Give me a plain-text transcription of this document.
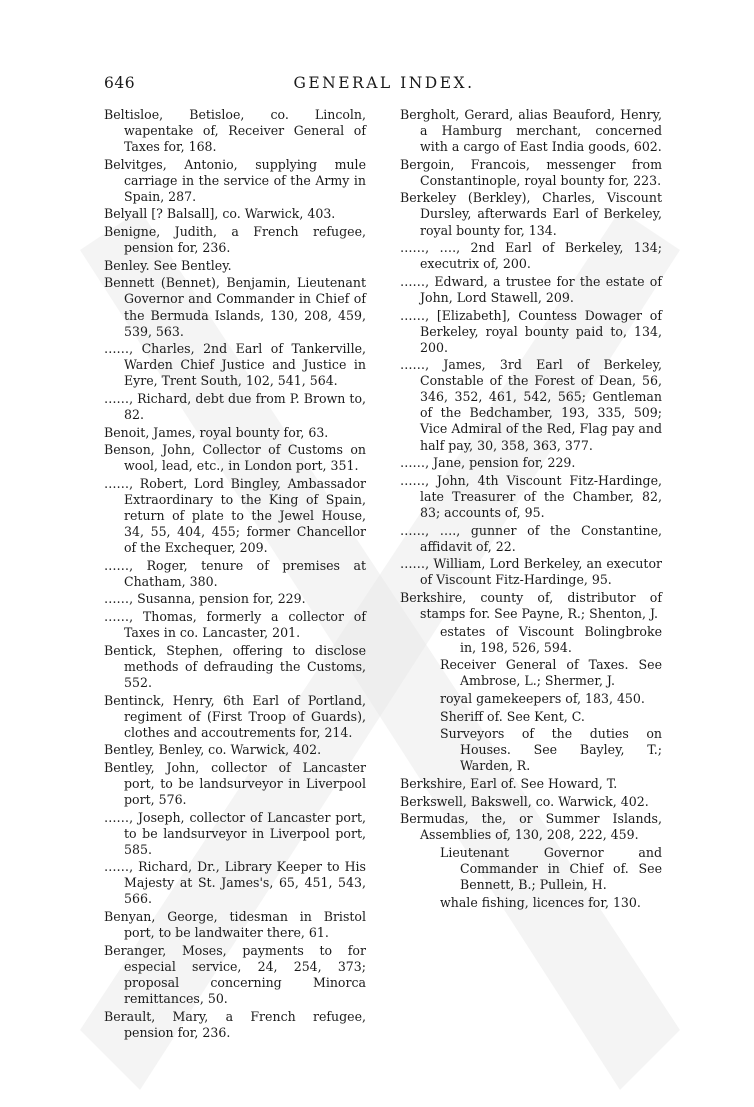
646	GENERAL INDEX.
Beltisloe, Betisloe, co. Lincoln, wapentake of, Receiver General of Taxes for, 168.
Belvitges, Antonio, supplying mule carriage in the service of the Army in Spain, 287.
Belyall [? Balsall], co. Warwick, 403.
Benigne, Judith, a French refugee, pension for, 236.
Benley. See Bentley.
Bennett (Bennet), Benjamin, Lieutenant Governor and Commander in Chief of the Bermuda Islands, 130, 208, 459, 539, 563.
……, Charles, 2nd Earl of Tankerville, Warden Chief Justice and Justice in Eyre, Trent South, 102, 541, 564.
……, Richard, debt due from P. Brown to, 82.
Benoit, James, royal bounty for, 63.
Benson, John, Collector of Customs on wool, lead, etc., in London port, 351.
……, Robert, Lord Bingley, Ambassador Extraordinary to the King of Spain, return of plate to the Jewel House, 34, 55, 404, 455; former Chancellor of the Exchequer, 209.
……, Roger, tenure of premises at Chatham, 380.
……, Susanna, pension for, 229.
……, Thomas, formerly a collector of Taxes in co. Lancaster, 201.
Bentick, Stephen, offering to disclose methods of defrauding the Customs, 552.
Bentinck, Henry, 6th Earl of Portland, regiment of (First Troop of Guards), clothes and accoutrements for, 214.
Bentley, Benley, co. Warwick, 402.
Bentley, John, collector of Lancaster port, to be landsurveyor in Liverpool port, 576.
……, Joseph, collector of Lancaster port, to be landsurveyor in Liverpool port, 585.
……, Richard, Dr., Library Keeper to His Majesty at St. James's, 65, 451, 543, 566.
Benyan, George, tidesman in Bristol port, to be landwaiter there, 61.
Beranger, Moses, payments to for especial service, 24, 254, 373; proposal concerning Minorca remittances, 50.
Berault, Mary, a French refugee, pension for, 236.
Bergholt, Gerard, alias Beauford, Henry, a Hamburg merchant, concerned with a cargo of East India goods, 602.
Bergoin, Francois, messenger from Constantinople, royal bounty for, 223.
Berkeley (Berkley), Charles, Viscount Dursley, afterwards Earl of Berkeley, royal bounty for, 134.
……, …., 2nd Earl of Berkeley, 134; executrix of, 200.
……, Edward, a trustee for the estate of John, Lord Stawell, 209.
……, [Elizabeth], Countess Dowager of Berkeley, royal bounty paid to, 134, 200.
……, James, 3rd Earl of Berkeley, Constable of the Forest of Dean, 56, 346, 352, 461, 542, 565; Gentleman of the Bedchamber, 193, 335, 509; Vice Admiral of the Red, Flag pay and half pay, 30, 358, 363, 377.
……, Jane, pension for, 229.
……, John, 4th Viscount Fitz-Hardinge, late Treasurer of the Chamber, 82, 83; accounts of, 95.
……, …., gunner of the Constantine, affidavit of, 22.
……, William, Lord Berkeley, an executor of Viscount Fitz-Hardinge, 95.
Berkshire, county of, distributor of stamps for. See Payne, R.; Shenton, J.
estates of Viscount Bolingbroke in, 198, 526, 594.
Receiver General of Taxes. See Ambrose, L.; Shermer, J.
royal gamekeepers of, 183, 450.
Sheriff of. See Kent, C.
Surveyors of the duties on Houses. See Bayley, T.; Warden, R.
Berkshire, Earl of. See Howard, T.
Berkswell, Bakswell, co. Warwick, 402.
Bermudas, the, or Summer Islands, Assemblies of, 130, 208, 222, 459.
Lieutenant Governor and Commander in Chief of. See Bennett, B.; Pullein, H.
whale fishing, licences for, 130.
